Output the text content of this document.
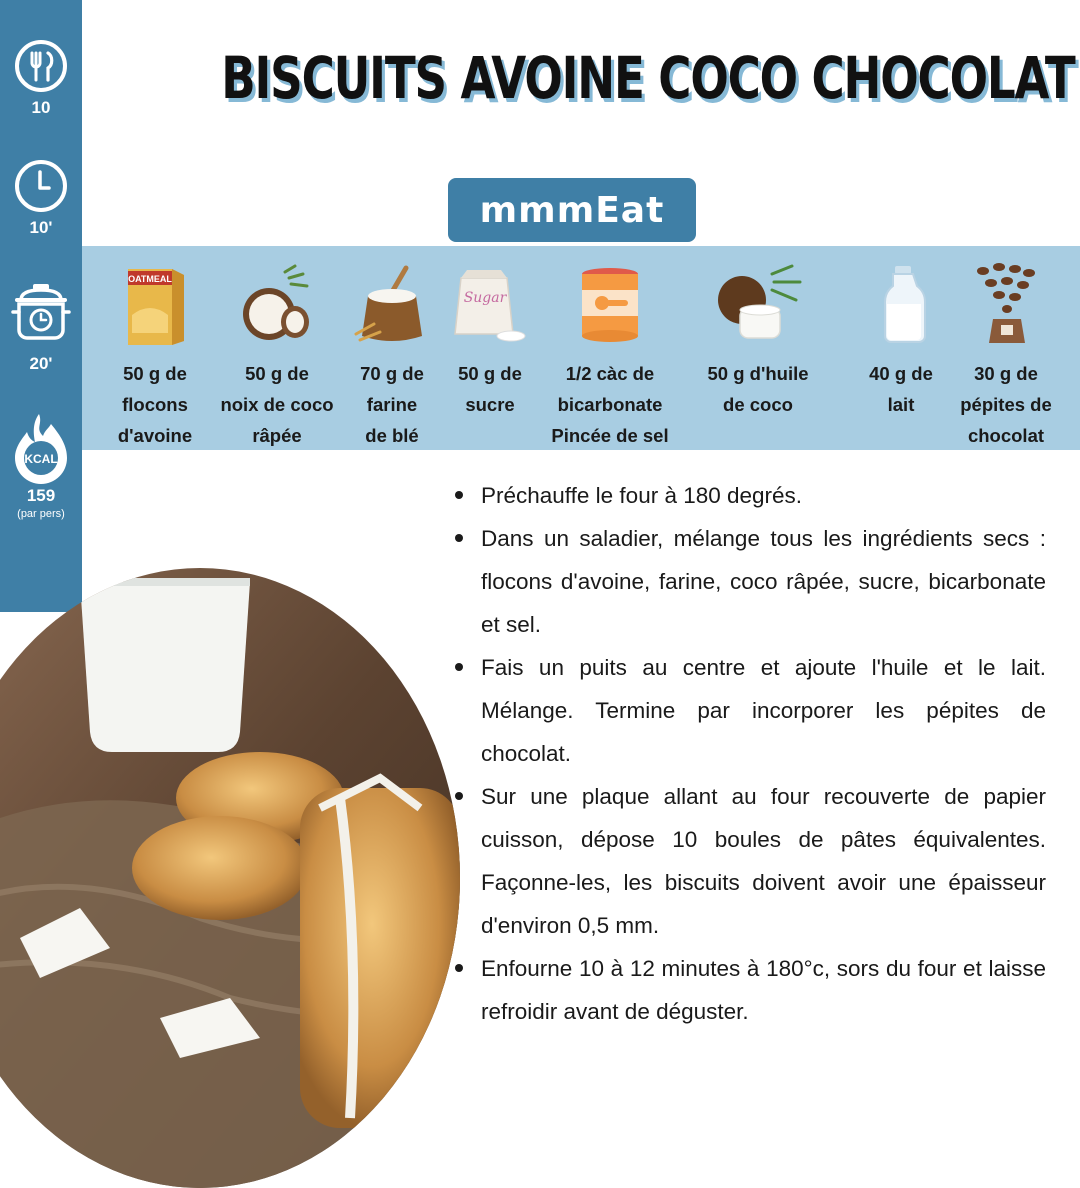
10
10'
20'
KCAL
159
(par pers)
BISCUITS AVOINE COCO CHOCOLAT
mmmEat
OATMEAL
50 g de
flocons
d'avoine
50 g de
noix de coco
râpée
70 g de
farine
de blé
Sugar
50 g de
sucre
1/2 càc de
bicarbonate
Pincée de sel
50 g d'huile
de coco
40 g de
lait
30 g de
pépites de
chocolat
Préchauffe le four à 180 degrés.
Dans un saladier, mélange tous les ingrédients secs : flocons d'avoine, farine, coco râpée, sucre, bicarbonate et sel.
Fais un puits au centre et ajoute l'huile et le lait. Mélange. Termine par incorporer les pépites de chocolat.
Sur une plaque allant au four recouverte de papier cuisson, dépose 10 boules de pâtes équivalentes. Façonne-les, les biscuits doivent avoir une épaisseur d'environ 0,5 mm.
Enfourne 10 à 12 minutes à 180°c, sors du four et laisse refroidir avant de déguster.
